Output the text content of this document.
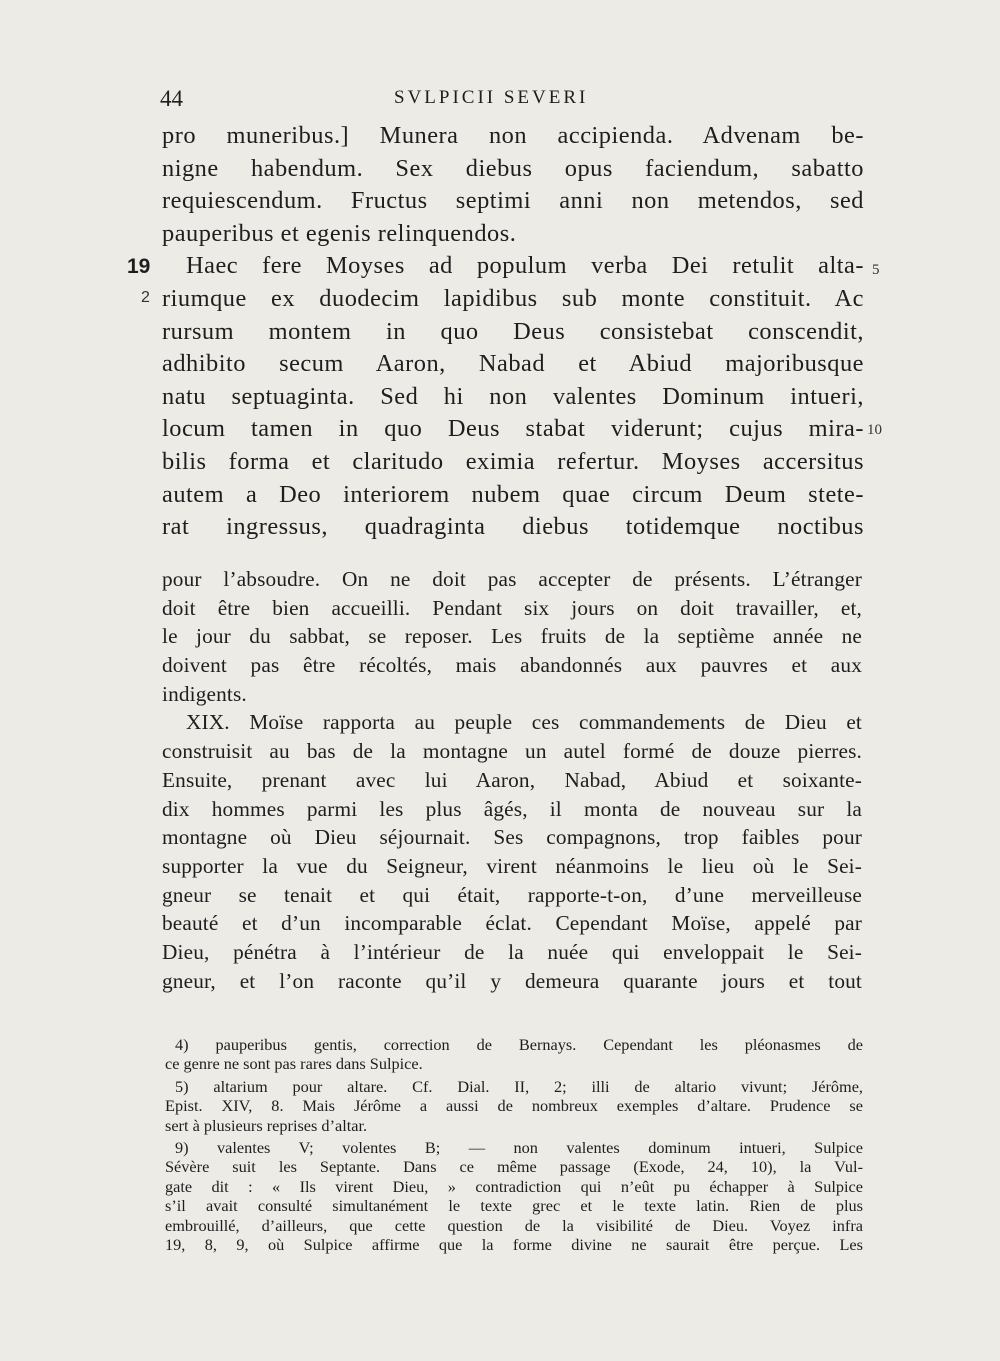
44	SVLPICII SEVERI
19
2
5
10
pro muneribus.] Munera non accipienda. Advenam be-
nigne habendum. Sex diebus opus faciendum, sabatto
requiescendum. Fructus septimi anni non metendos, sed
pauperibus et egenis relinquendos.
Haec fere Moyses ad populum verba Dei retulit alta-
riumque ex duodecim lapidibus sub monte constituit. Ac
rursum montem in quo Deus consistebat conscendit,
adhibito secum Aaron, Nabad et Abiud majoribusque
natu septuaginta. Sed hi non valentes Dominum intueri,
locum tamen in quo Deus stabat viderunt; cujus mira-
bilis forma et claritudo eximia refertur. Moyses accersitus
autem a Deo interiorem nubem quae circum Deum stete-
rat ingressus, quadraginta diebus totidemque noctibus
pour l’absoudre. On ne doit pas accepter de présents. L’étranger
doit être bien accueilli. Pendant six jours on doit travailler, et,
le jour du sabbat, se reposer. Les fruits de la septième année ne
doivent pas être récoltés, mais abandonnés aux pauvres et aux
indigents.
XIX. Moïse rapporta au peuple ces commandements de Dieu et
construisit au bas de la montagne un autel formé de douze pierres.
Ensuite, prenant avec lui Aaron, Nabad, Abiud et soixante-
dix hommes parmi les plus âgés, il monta de nouveau sur la
montagne où Dieu séjournait. Ses compagnons, trop faibles pour
supporter la vue du Seigneur, virent néanmoins le lieu où le Sei-
gneur se tenait et qui était, rapporte-t-on, d’une merveilleuse
beauté et d’un incomparable éclat. Cependant Moïse, appelé par
Dieu, pénétra à l’intérieur de la nuée qui enveloppait le Sei-
gneur, et l’on raconte qu’il y demeura quarante jours et tout
4) pauperibus gentis, correction de Bernays. Cependant les pléonasmes de
ce genre ne sont pas rares dans Sulpice.
5) altarium pour altare. Cf. Dial. II, 2; illi de altario vivunt; Jérôme,
Epist. XIV, 8. Mais Jérôme a aussi de nombreux exemples d’altare. Prudence se
sert à plusieurs reprises d’altar.
9) valentes V; volentes B; — non valentes dominum intueri, Sulpice
Sévère suit les Septante. Dans ce même passage (Exode, 24, 10), la Vul-
gate dit : « Ils virent Dieu, » contradiction qui n’eût pu échapper à Sulpice
s’il avait consulté simultanément le texte grec et le texte latin. Rien de plus
embrouillé, d’ailleurs, que cette question de la visibilité de Dieu. Voyez infra
19, 8, 9, où Sulpice affirme que la forme divine ne saurait être perçue. Les
